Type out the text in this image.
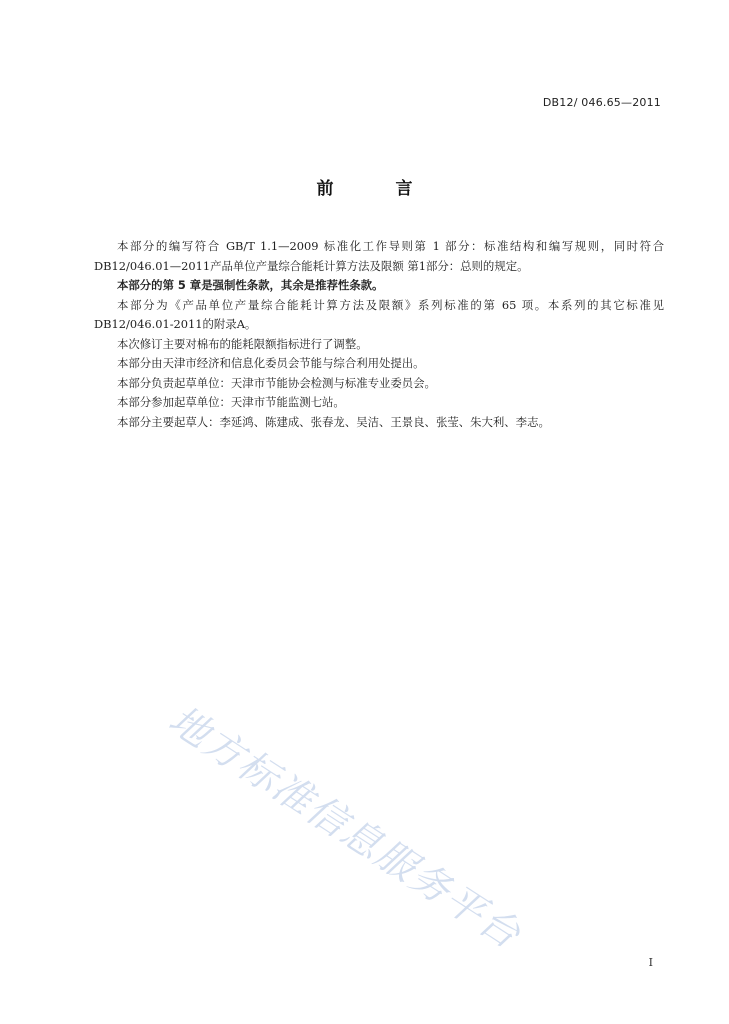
DB12/ 046.65—2011
前 言

本部分的编写符合 GB/T 1.1—2009 标准化工作导则第 1 部分：标准结构和编写规则，同时符合DB12/046.01—2011产品单位产量综合能耗计算方法及限额 第1部分：总则的规定。

本部分的第 5 章是强制性条款，其余是推荐性条款。

本部分为《产品单位产量综合能耗计算方法及限额》系列标准的第 65 项。本系列的其它标准见DB12/046.01-2011的附录A。

本次修订主要对棉布的能耗限额指标进行了调整。

本部分由天津市经济和信息化委员会节能与综合利用处提出。

本部分负责起草单位：天津市节能协会检测与标准专业委员会。

本部分参加起草单位：天津市节能监测七站。

本部分主要起草人：李延鸿、陈建成、张春龙、吴洁、王景良、张莹、朱大利、李志。

地方标准信息服务平台
I
